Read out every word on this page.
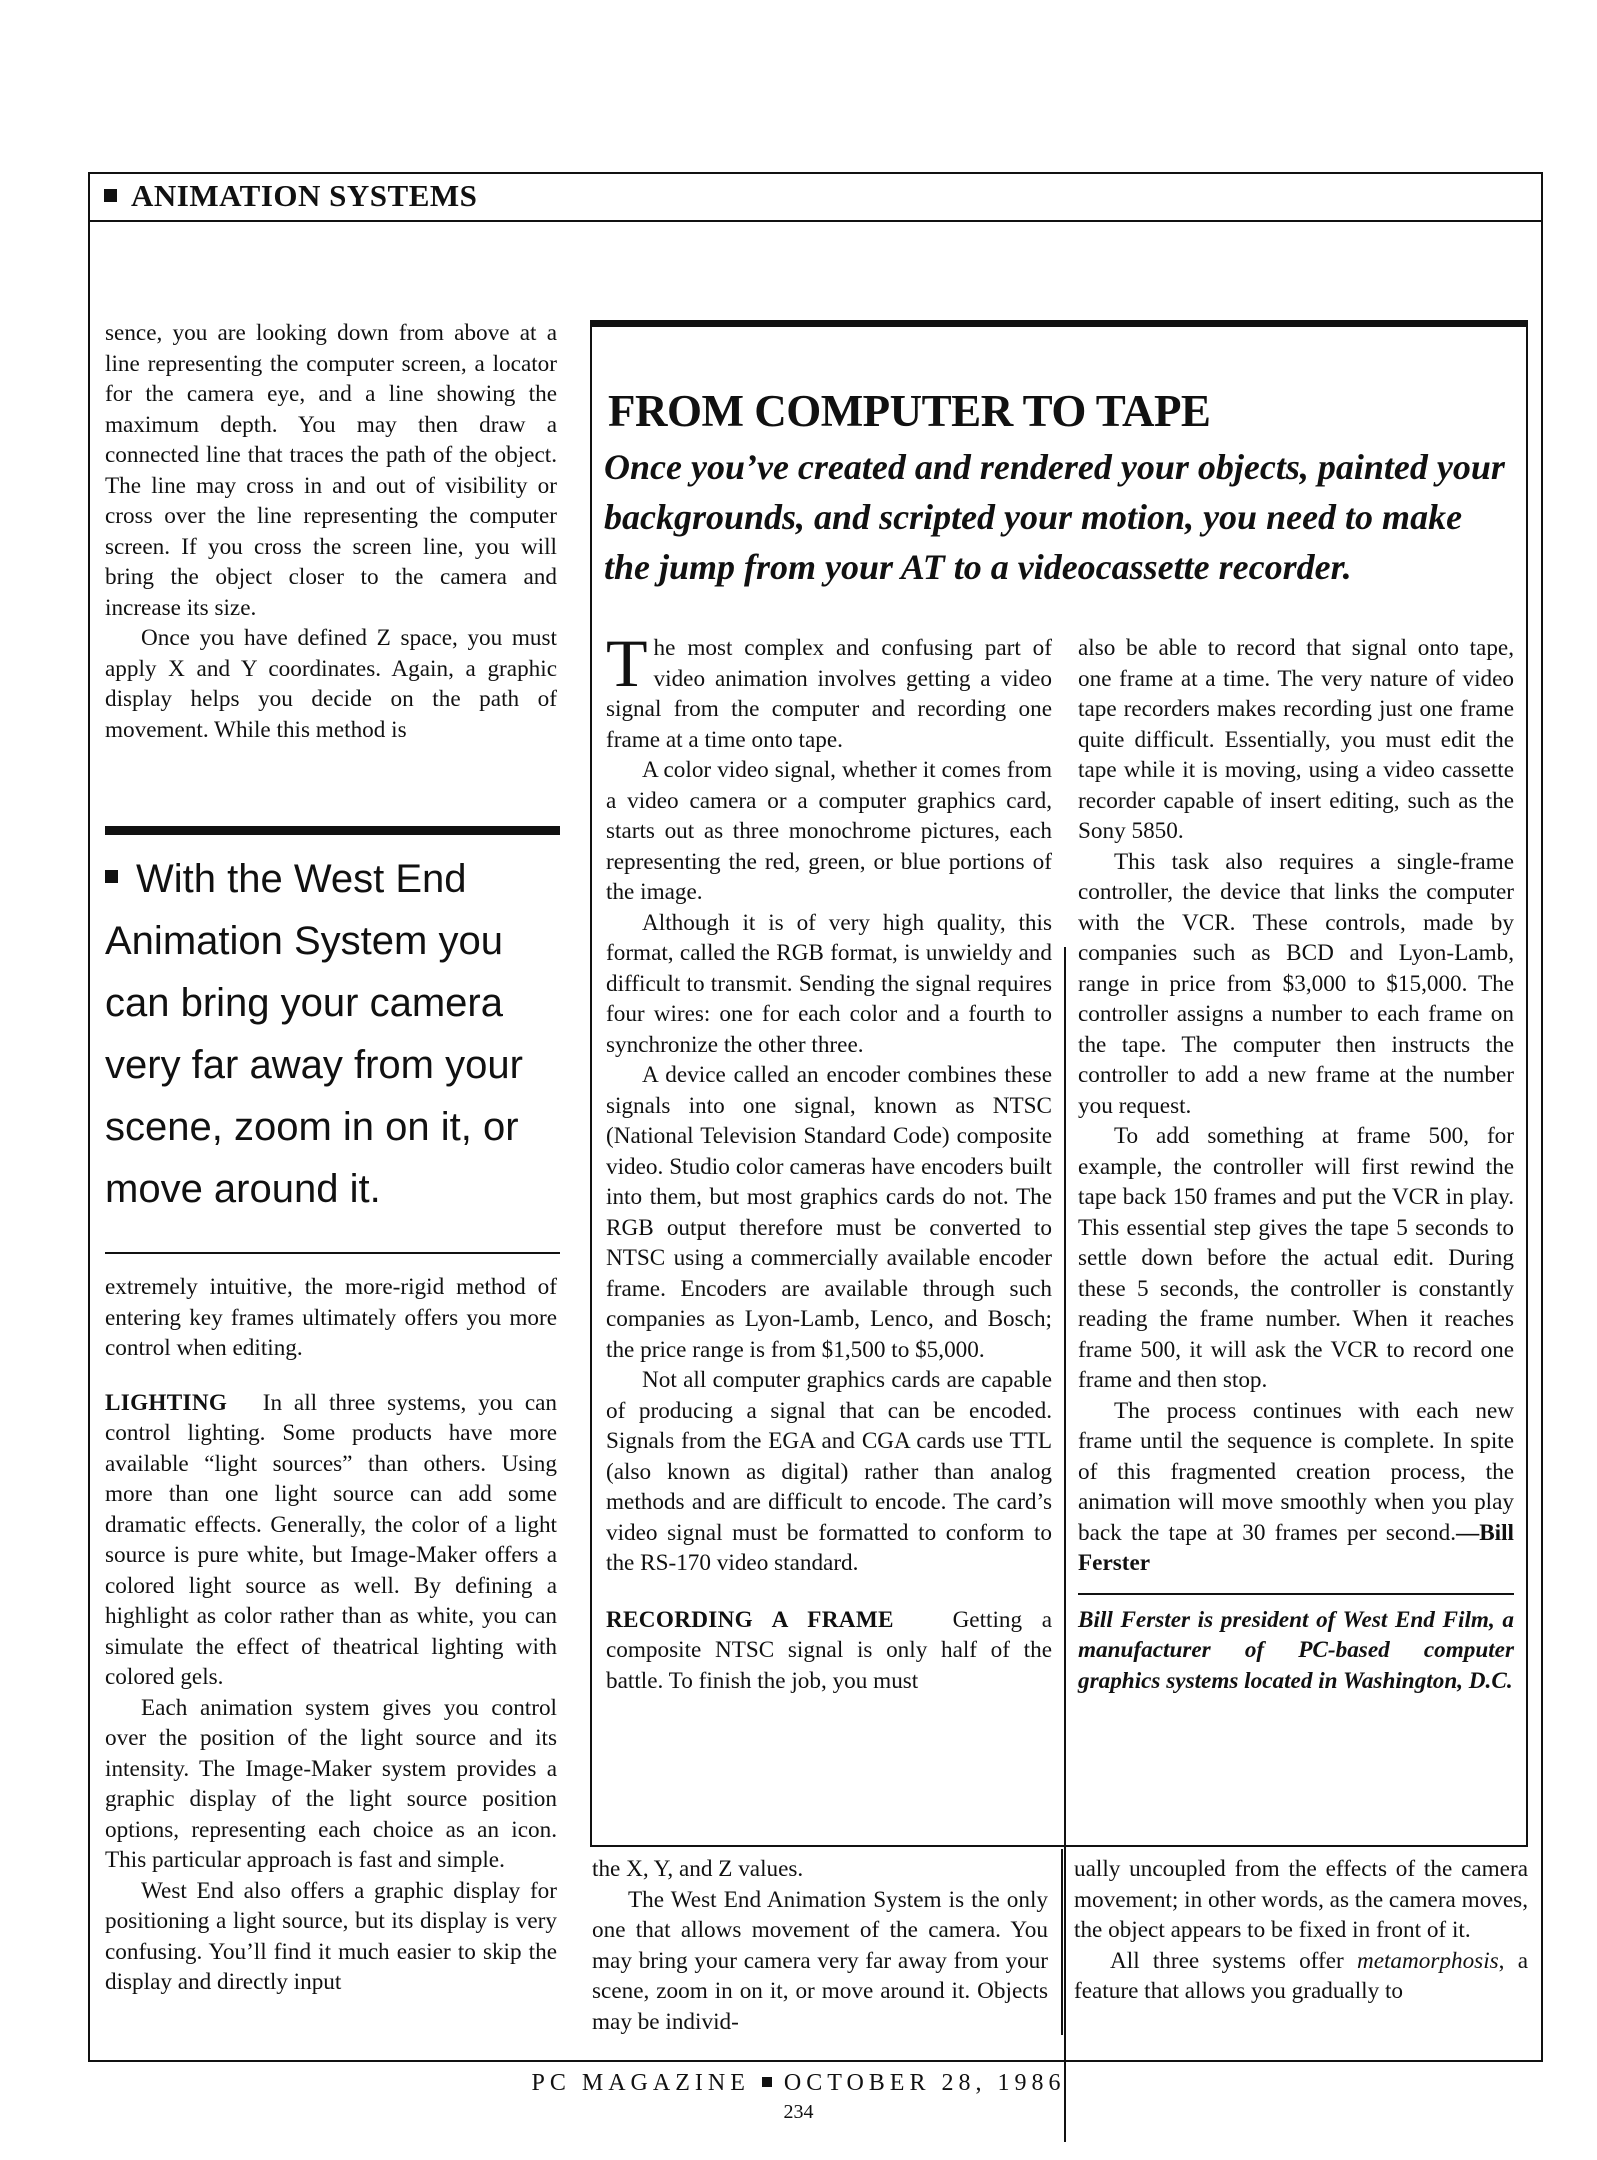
ANIMATION SYSTEMS

sence, you are looking down from above at a line representing the computer screen, a locator for the camera eye, and a line showing the maximum depth. You may then draw a connected line that traces the path of the object. The line may cross in and out of visibility or cross over the line representing the computer screen. If you cross the screen line, you will bring the object closer to the camera and increase its size.

Once you have defined Z space, you must apply X and Y coordinates. Again, a graphic display helps you decide on the path of movement. While this method is

With the West End Animation System you can bring your camera very far away from your scene, zoom in on it, or move around it.

extremely intuitive, the more-rigid method of entering key frames ultimately offers you more control when editing.

LIGHTING In all three systems, you can control lighting. Some products have more available “light sources” than others. Using more than one light source can add some dramatic effects. Generally, the color of a light source is pure white, but Image-Maker offers a colored light source as well. By defining a highlight as color rather than as white, you can simulate the effect of theatrical lighting with colored gels.

Each animation system gives you control over the position of the light source and its intensity. The Image-Maker system provides a graphic display of the light source position options, representing each choice as an icon. This particular approach is fast and simple.

West End also offers a graphic display for positioning a light source, but its display is very confusing. You’ll find it much easier to skip the display and directly input

FROM COMPUTER TO TAPE
Once you’ve created and rendered your objects, painted your backgrounds, and scripted your motion, you need to make the jump from your AT to a videocassette recorder.

The most complex and confusing part of video animation involves getting a video signal from the computer and recording one frame at a time onto tape.

A color video signal, whether it comes from a video camera or a computer graphics card, starts out as three monochrome pictures, each representing the red, green, or blue portions of the image.

Although it is of very high quality, this format, called the RGB format, is unwieldy and difficult to transmit. Sending the signal requires four wires: one for each color and a fourth to synchronize the other three.

A device called an encoder combines these signals into one signal, known as NTSC (National Television Standard Code) composite video. Studio color cameras have encoders built into them, but most graphics cards do not. The RGB output therefore must be converted to NTSC using a commercially available encoder frame. Encoders are available through such companies as Lyon-Lamb, Lenco, and Bosch; the price range is from $1,500 to $5,000.

Not all computer graphics cards are capable of producing a signal that can be encoded. Signals from the EGA and CGA cards use TTL (also known as digital) rather than analog methods and are difficult to encode. The card’s video signal must be formatted to conform to the RS-170 video standard.

RECORDING A FRAME	Getting a composite NTSC signal is only half of the battle. To finish the job, you must

also be able to record that signal onto tape, one frame at a time. The very nature of video tape recorders makes recording just one frame quite difficult. Essentially, you must edit the tape while it is moving, using a video cassette recorder capable of insert editing, such as the Sony 5850.

This task also requires a single-frame controller, the device that links the computer with the VCR. These controls, made by companies such as BCD and Lyon-Lamb, range in price from $3,000 to $15,000. The controller assigns a number to each frame on the tape. The computer then instructs the controller to add a new frame at the number you request.

To add something at frame 500, for example, the controller will first rewind the tape back 150 frames and put the VCR in play. This essential step gives the tape 5 seconds to settle down before the actual edit. During these 5 seconds, the controller is constantly reading the frame number. When it reaches frame 500, it will ask the VCR to record one frame and then stop.

The process continues with each new frame until the sequence is complete. In spite of this fragmented creation process, the animation will move smoothly when you play back the tape at 30 frames per second.—Bill Ferster

Bill Ferster is president of West End Film, a manufacturer of PC-based computer graphics systems located in Washington, D.C.

the X, Y, and Z values.

The West End Animation System is the only one that allows movement of the camera. You may bring your camera very far away from your scene, zoom in on it, or move around it. Objects may be individ-

ually uncoupled from the effects of the camera movement; in other words, as the camera moves, the object appears to be fixed in front of it.

All three systems offer metamorphosis, a feature that allows you gradually to

PC MAGAZINE OCTOBER 28, 1986
234
